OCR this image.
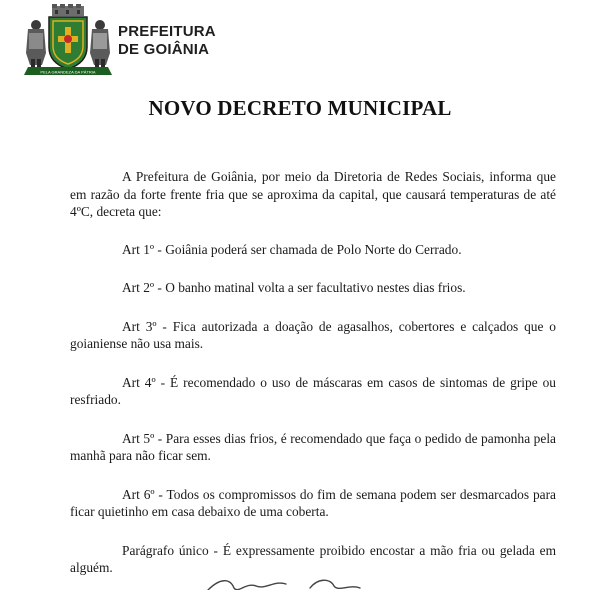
PELA GRANDEZA DA PÁTRIA
PREFEITURA
DE GOIÂNIA
NOVO DECRETO MUNICIPAL

A Prefeitura de Goiânia, por meio da Diretoria de Redes Sociais, informa que em razão da forte frente fria que se aproxima da capital, que causará temperaturas de até 4ºC, decreta que:

Art 1º - Goiânia poderá ser chamada de Polo Norte do Cerrado.

Art 2º - O banho matinal volta a ser facultativo nestes dias frios.

Art 3º - Fica autorizada a doação de agasalhos, cobertores e calçados que o goianiense não usa mais.

Art 4º - É recomendado o uso de máscaras em casos de sintomas de gripe ou resfriado.

Art 5º - Para esses dias frios, é recomendado que faça o pedido de pamonha pela manhã para não ficar sem.

Art 6º - Todos os compromissos do fim de semana podem ser desmarcados para ficar quietinho em casa debaixo de uma coberta.

Parágrafo único - É expressamente proibido encostar a mão fria ou gelada em alguém.
